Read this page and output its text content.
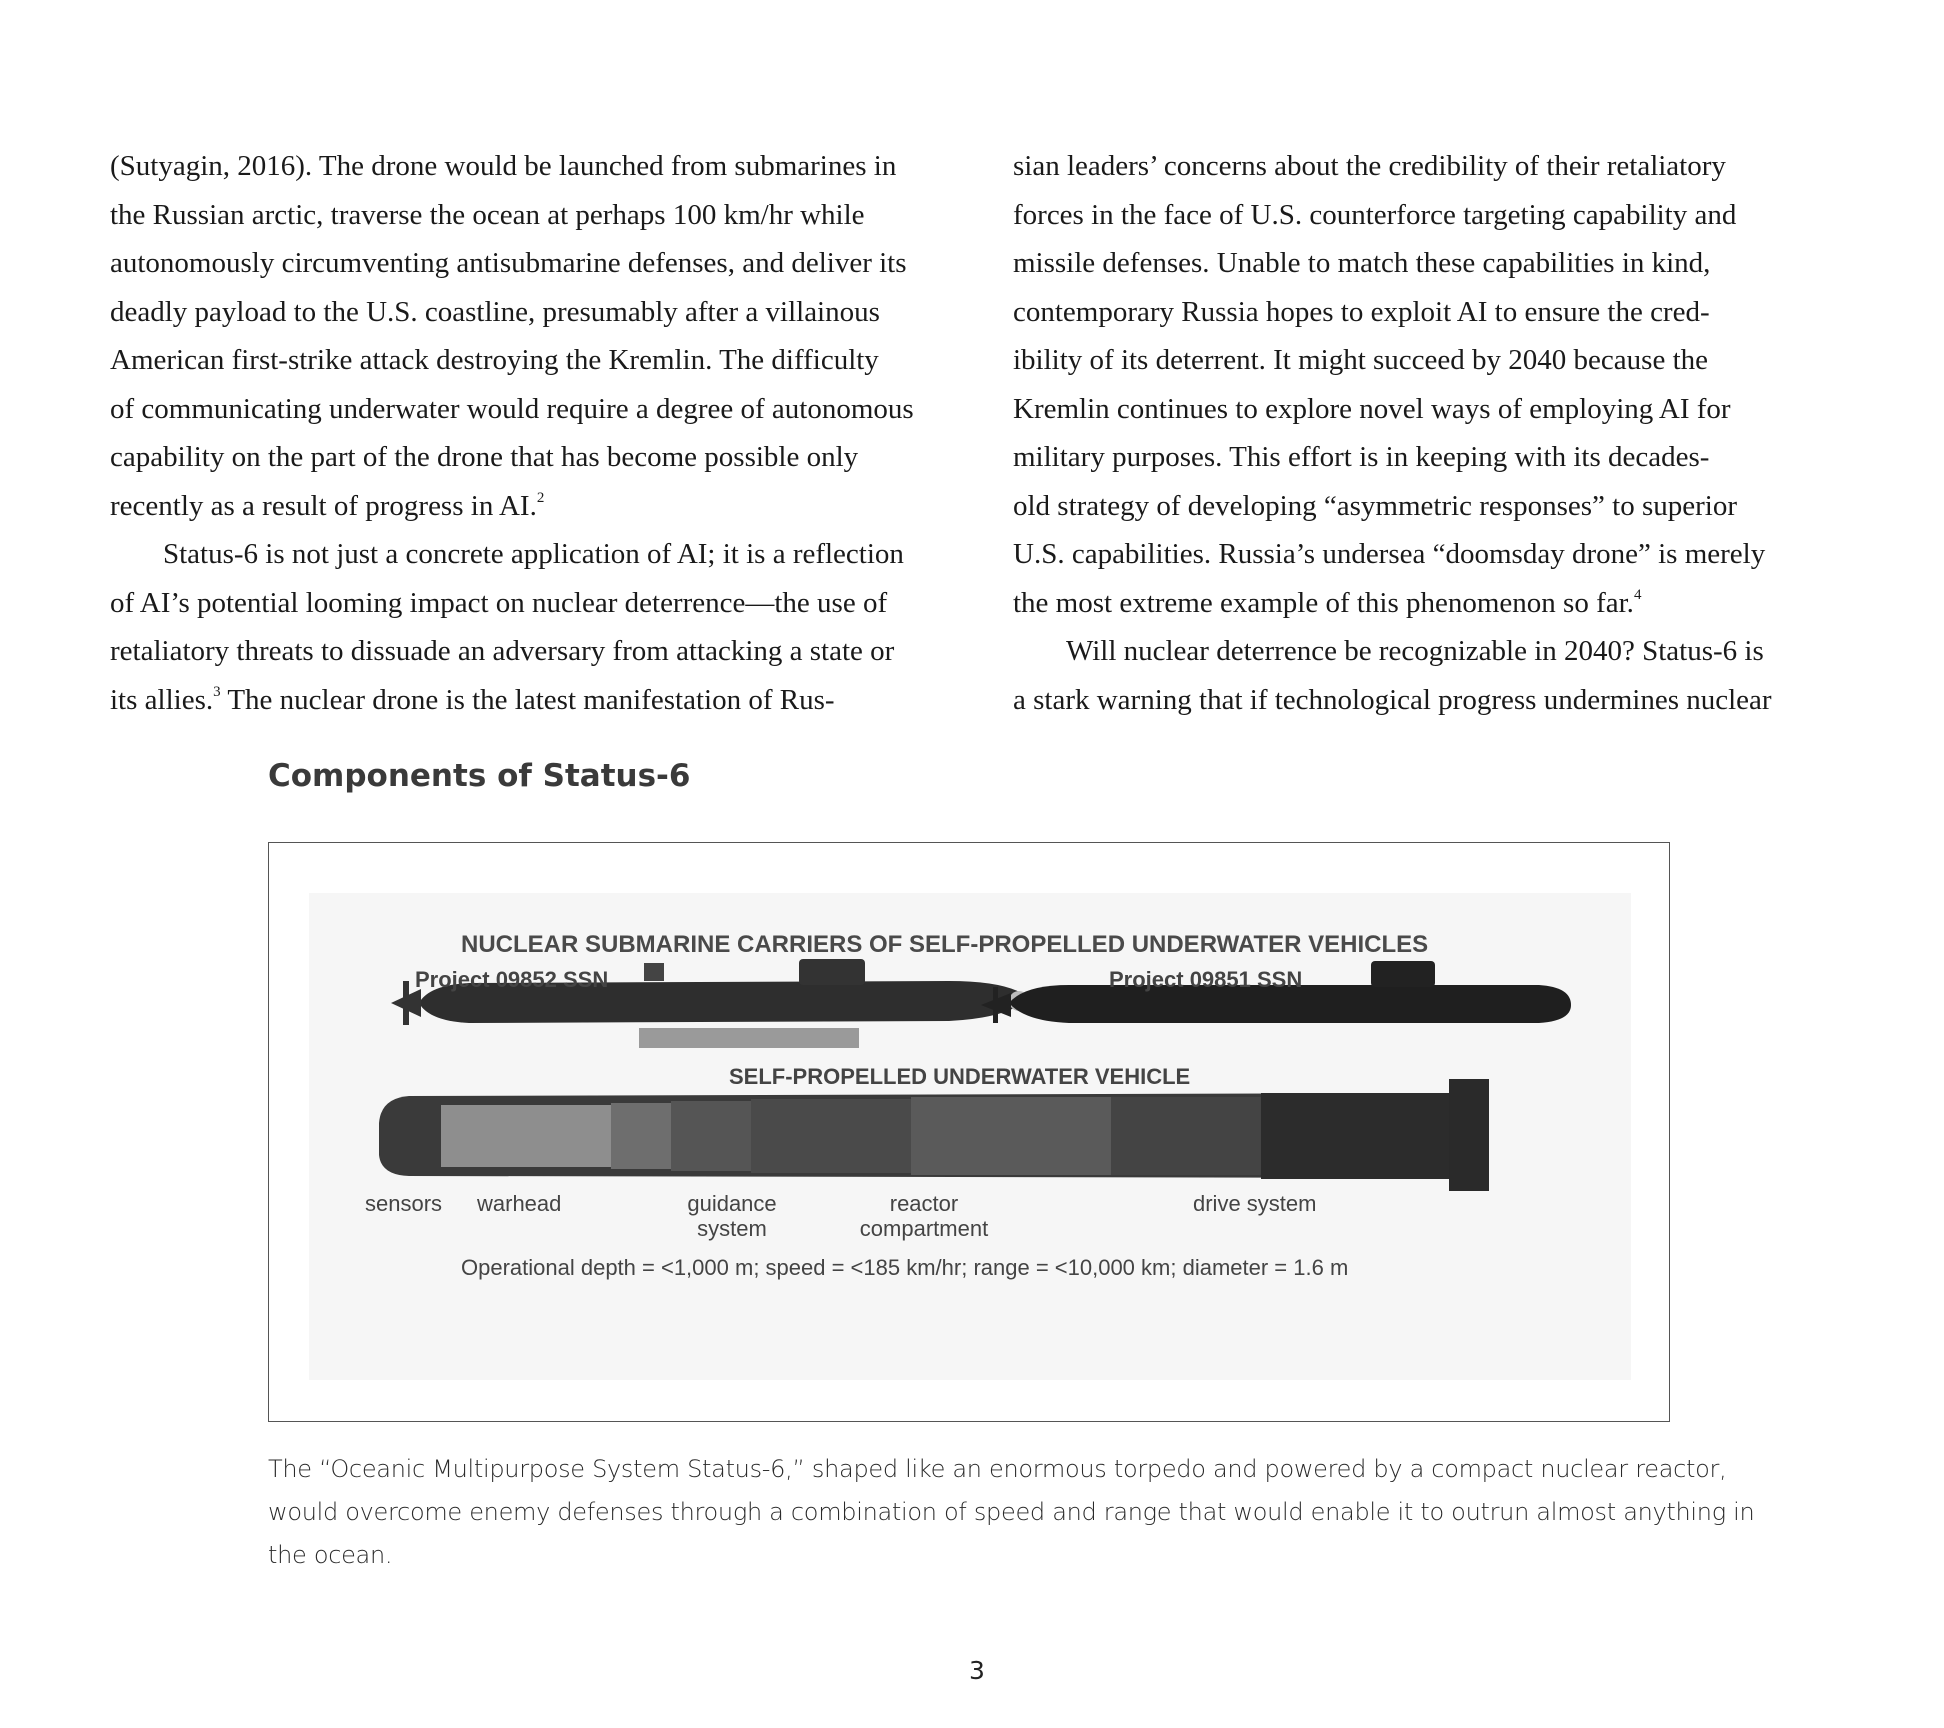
(Sutyagin, 2016). The drone would be launched from submarines in
the Russian arctic, traverse the ocean at perhaps 100 km/hr while
autonomously circumventing antisubmarine defenses, and deliver its
deadly payload to the U.S. coastline, presumably after a villainous
American first-strike attack destroying the Kremlin. The difficulty
of communicating underwater would require a degree of autonomous
capability on the part of the drone that has become possible only
recently as a result of progress in AI.$^2$
Status-6 is not just a concrete application of AI; it is a reflection
of AI’s potential looming impact on nuclear deterrence—the use of
retaliatory threats to dissuade an adversary from attacking a state or
its allies.$^3$ The nuclear drone is the latest manifestation of Rus-
sian leaders’ concerns about the credibility of their retaliatory
forces in the face of U.S. counterforce targeting capability and
missile defenses. Unable to match these capabilities in kind,
contemporary Russia hopes to exploit AI to ensure the cred-
ibility of its deterrent. It might succeed by 2040 because the
Kremlin continues to explore novel ways of employing AI for
military purposes. This effort is in keeping with its decades-
old strategy of developing “asymmetric responses” to superior
U.S. capabilities. Russia’s undersea “doomsday drone” is merely
the most extreme example of this phenomenon so far.$^4$
Will nuclear deterrence be recognizable in 2040? Status-6 is
a stark warning that if technological progress undermines nuclear
Components of Status-6
NUCLEAR SUBMARINE CARRIERS OF SELF-PROPELLED UNDERWATER VEHICLES
Project 09852 SSN	Project 09851 SSN
SELF-PROPELLED UNDERWATER VEHICLE
sensors warhead	guidance
system
reactor
compartment
drive system
Operational depth = <1,000 m; speed = <185 km/hr; range = <10,000 km; diameter = 1.6 m
The “Oceanic Multipurpose System Status-6,” shaped like an enormous torpedo and powered by a compact nuclear reactor,
would overcome enemy defenses through a combination of speed and range that would enable it to outrun almost anything in
the ocean.
3
